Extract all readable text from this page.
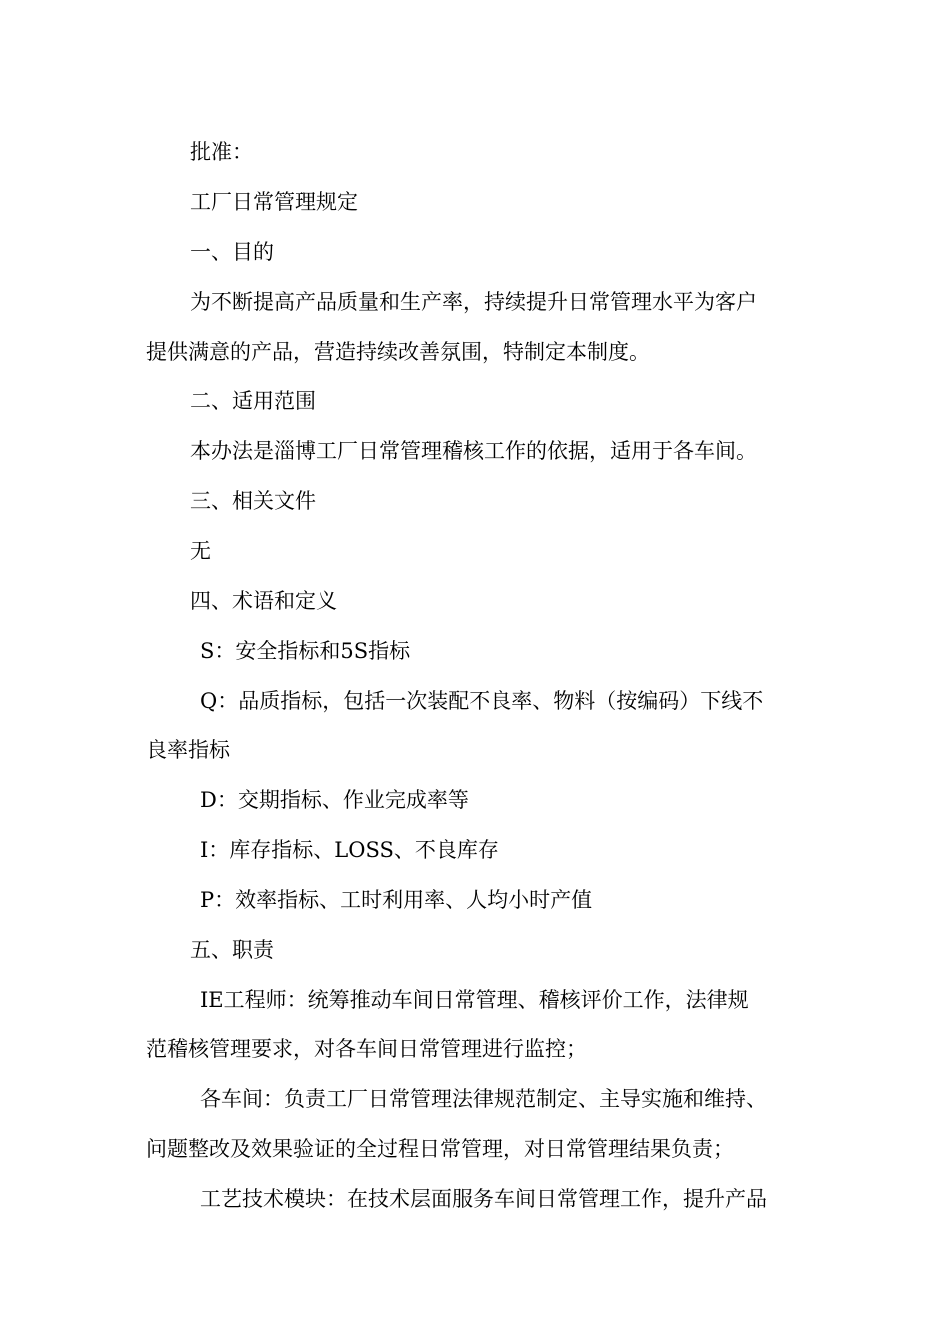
批准：
工厂日常管理规定
一、目的
为不断提高产品质量和生产率，持续提升日常管理水平为客户
提供满意的产品，营造持续改善氛围，特制定本制度。
二、适用范围
本办法是淄博工厂日常管理稽核工作的依据，适用于各车间。
三、相关文件
无
四、术语和定义
S：安全指标和5S指标
Q：品质指标，包括一次装配不良率、物料（按编码）下线不
良率指标
D：交期指标、作业完成率等
I：库存指标、LOSS、不良库存
P：效率指标、工时利用率、人均小时产值
五、职责
IE工程师：统筹推动车间日常管理、稽核评价工作，法律规
范稽核管理要求，对各车间日常管理进行监控；
各车间：负责工厂日常管理法律规范制定、主导实施和维持、
问题整改及效果验证的全过程日常管理，对日常管理结果负责；
工艺技术模块：在技术层面服务车间日常管理工作，提升产品
